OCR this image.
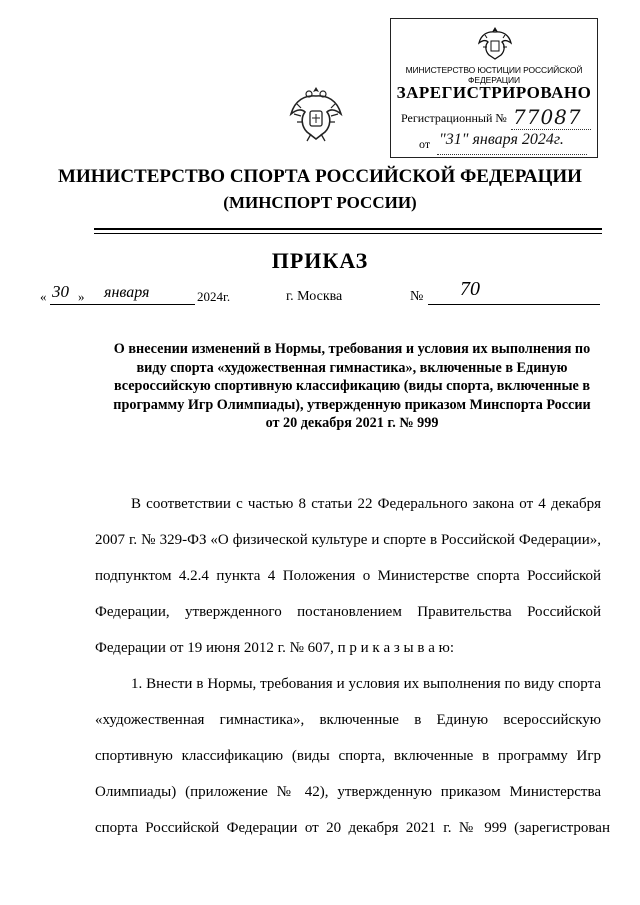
МИНИСТЕРСТВО ЮСТИЦИИ РОССИЙСКОЙ ФЕДЕРАЦИИ
ЗАРЕГИСТРИРОВАНО
Регистрационный № 77087
от "31" января 2024г.
МИНИСТЕРСТВО СПОРТА РОССИЙСКОЙ ФЕДЕРАЦИИ
(МИНСПОРТ РОССИИ)
ПРИКАЗ
« 30 » января	2024г.	г. Москва	№ 70
О внесении изменений в Нормы, требования и условия их выполнения по
виду спорта «художественная гимнастика», включенные в Единую
всероссийскую спортивную классификацию (виды спорта, включенные в
программу Игр Олимпиады), утвержденную приказом Минспорта России
от 20 декабря 2021 г. № 999
В соответствии с частью 8 статьи 22 Федерального закона от 4 декабря
2007 г. № 329-ФЗ «О физической культуре и спорте в Российской Федерации»,
подпунктом 4.2.4 пункта 4 Положения о Министерстве спорта Российской
Федерации, утвержденного постановлением Правительства Российской
Федерации от 19 июня 2012 г. № 607, п р и к а з ы в а ю:
1. Внести в Нормы, требования и условия их выполнения по виду спорта
«художественная гимнастика», включенные в Единую всероссийскую
спортивную классификацию (виды спорта, включенные в программу Игр
Олимпиады) (приложение № 42), утвержденную приказом Министерства
спорта Российской Федерации от 20 декабря 2021 г. № 999 (зарегистрован
